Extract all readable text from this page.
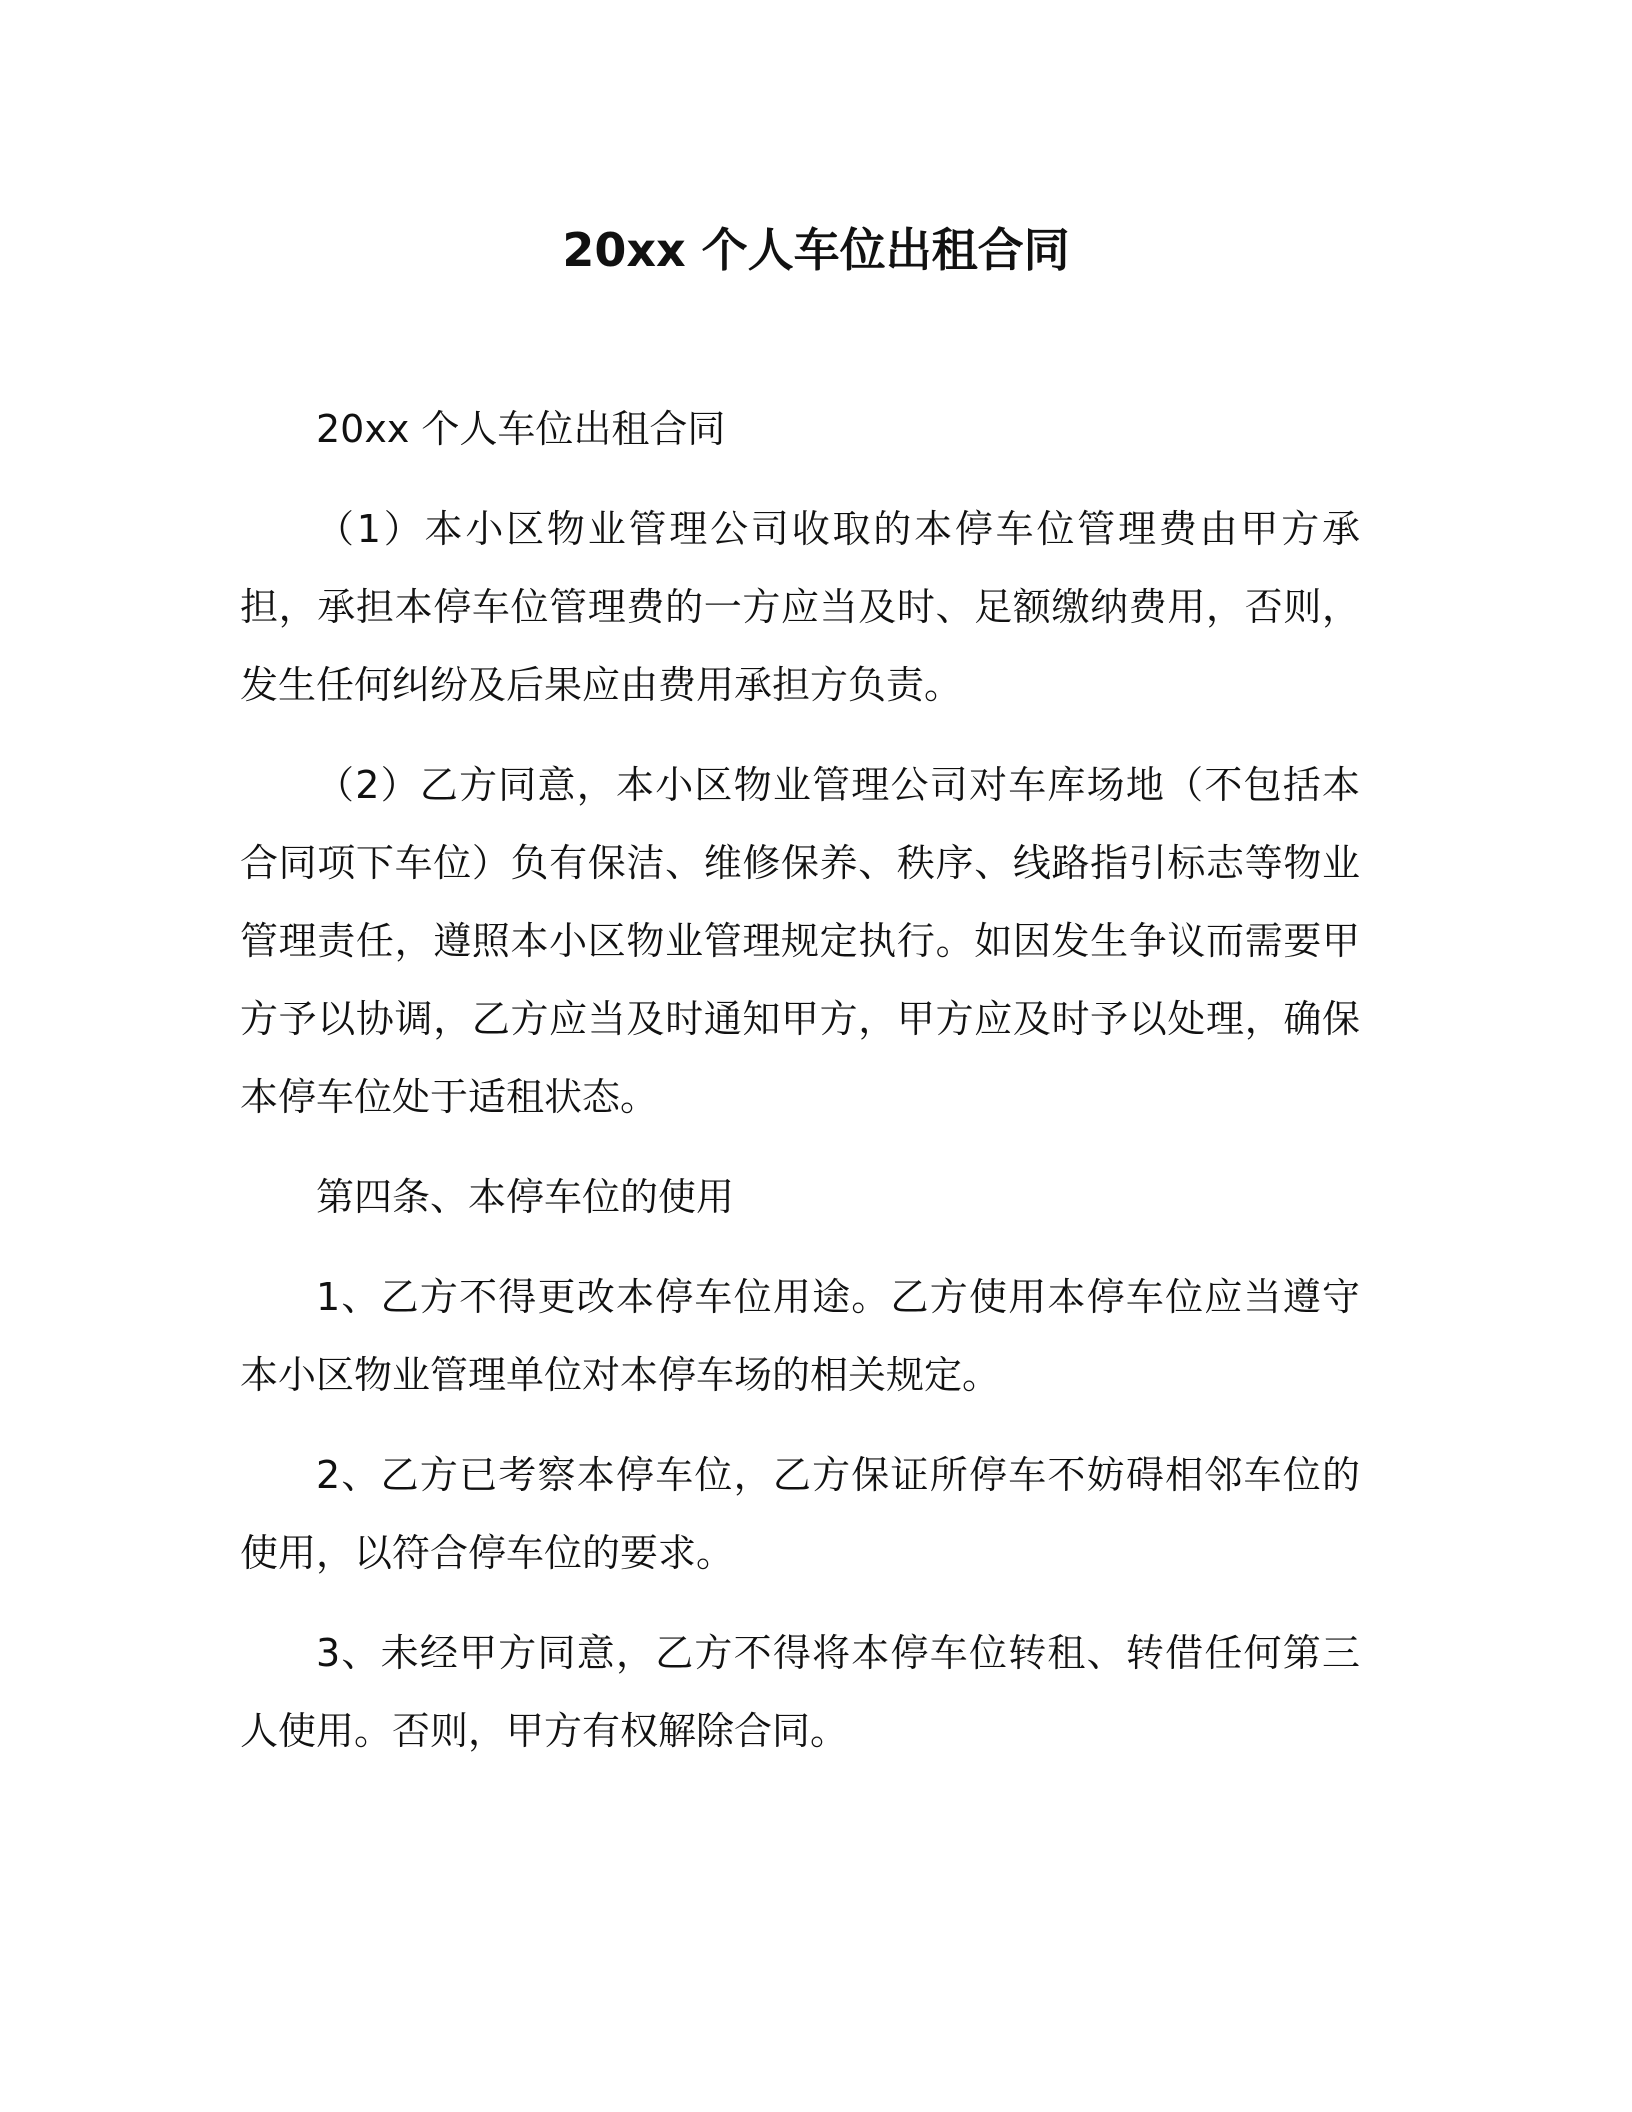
20xx 个人车位出租合同

20xx 个人车位出租合同

（1）本小区物业管理公司收取的本停车位管理费由甲方承担，承担本停车位管理费的一方应当及时、足额缴纳费用，否则，发生任何纠纷及后果应由费用承担方负责。

（2）乙方同意，本小区物业管理公司对车库场地（不包括本合同项下车位）负有保洁、维修保养、秩序、线路指引标志等物业管理责任，遵照本小区物业管理规定执行。如因发生争议而需要甲方予以协调，乙方应当及时通知甲方，甲方应及时予以处理，确保本停车位处于适租状态。

第四条、本停车位的使用

1、乙方不得更改本停车位用途。乙方使用本停车位应当遵守本小区物业管理单位对本停车场的相关规定。

2、乙方已考察本停车位，乙方保证所停车不妨碍相邻车位的使用，以符合停车位的要求。

3、未经甲方同意，乙方不得将本停车位转租、转借任何第三人使用。否则，甲方有权解除合同。
